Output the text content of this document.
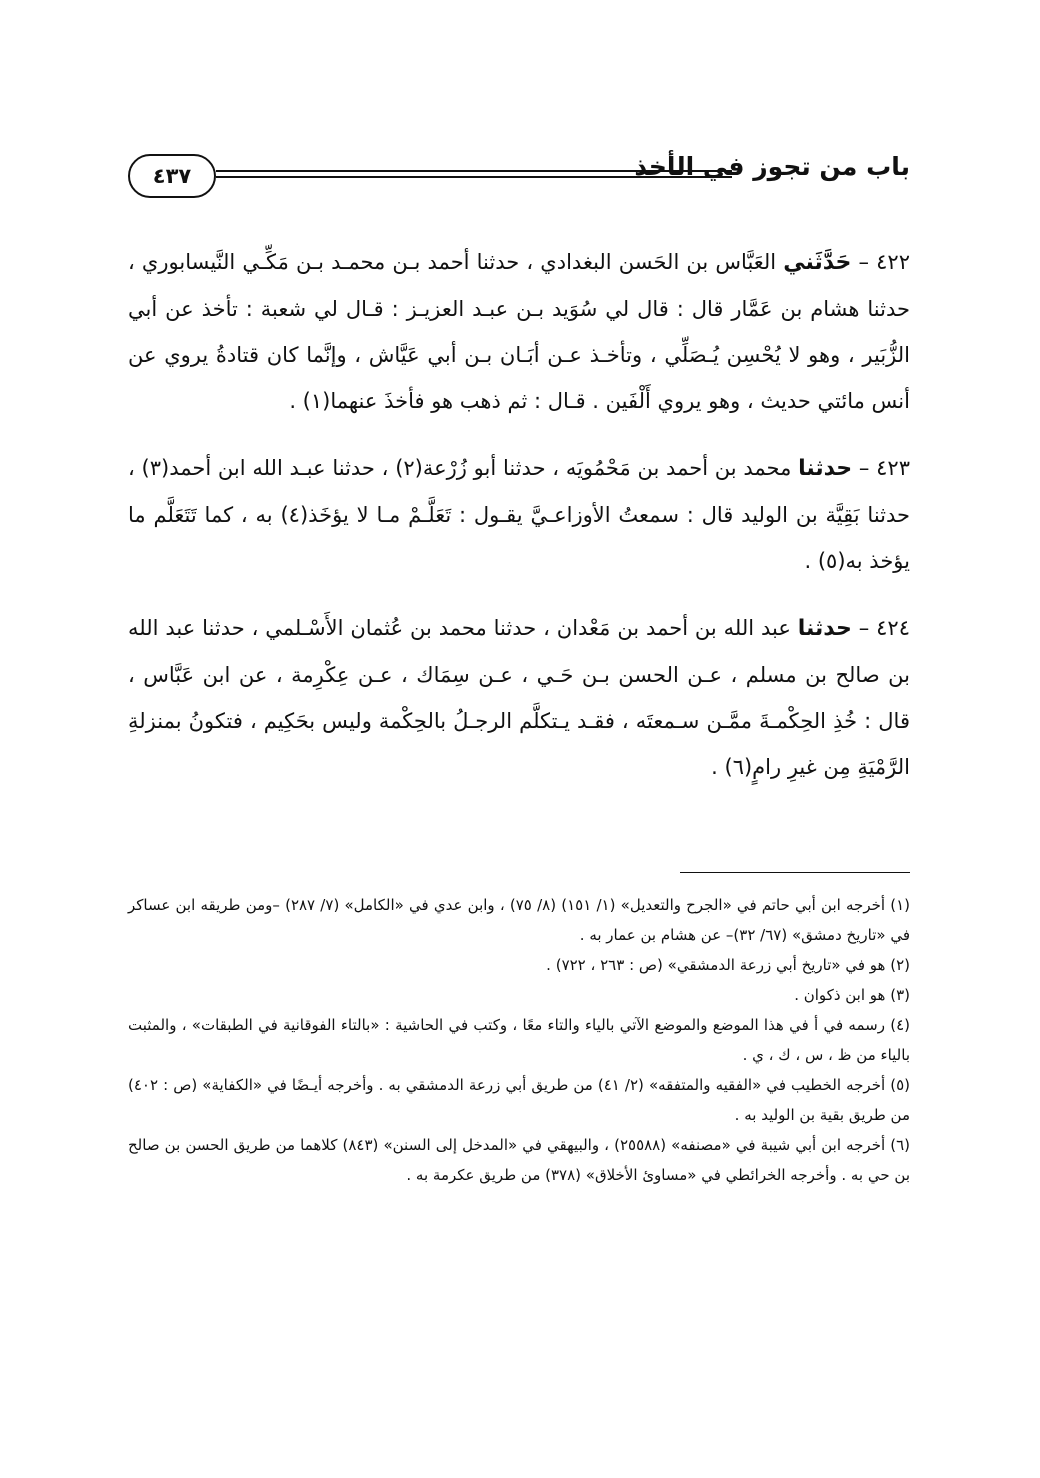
باب من تجوز في الأخذ
٤٣٧

٤٢٢ – حَدَّثَني العَبَّاس بن الحَسن البغدادي ، حدثنا أحمد بـن محمـد بـن مَكِّـي النَّيسابوري ، حدثنا هشام بن عَمَّار قال : قال لي سُوَيد بـن عبـد العزيـز : قـال لي شعبة : تأخذ عن أبي الزُّبَير ، وهو لا يُحْسِن يُـصَلِّي ، وتأخـذ عـن أبَـان بـن أبي عَيَّاش ، وإنَّما كان قتادةُ يروي عن أنس مائتي حديث ، وهو يروي أَلْفَين . قـال : ثم ذهب هو فأخذَ عنهما(١) .

٤٢٣ – حدثنا محمد بن أحمد بن مَحْمُويَه ، حدثنا أبو زُرْعة(٢) ، حدثنا عبـد الله ابن أحمد(٣) ، حدثنا بَقِيَّة بن الوليد قال : سمعتُ الأوزاعـيَّ يقـول : تَعَلَّـمْ مـا لا يؤخَذ(٤) به ، كما تَتَعَلَّم ما يؤخذ به(٥) .

٤٢٤ – حدثنا عبد الله بن أحمد بن مَعْدان ، حدثنا محمد بن عُثمان الأَسْـلمي ، حدثنا عبد الله بن صالح بن مسلم ، عـن الحسن بـن حَـي ، عـن سِمَاك ، عـن عِكْرِمة ، عن ابن عَبَّاس ، قال : خُذِ الحِكْمـةَ ممَّـن سـمعتَه ، فقـد يـتكلَّم الرجـلُ بالحِكْمة وليس بحَكِيم ، فتكونُ بمنزلةِ الرَّمْيَةِ مِن غيرِ رامٍ(٦) .

(١) أخرجه ابن أبي حاتم في «الجرح والتعديل» (١/ ١٥١) (٨/ ٧٥) ، وابن عدي في «الكامل» (٧/ ٢٨٧) –ومن طريقه ابن عساكر في «تاريخ دمشق» (٦٧/ ٣٢)– عن هشام بن عمار به .

(٢) هو في «تاريخ أبي زرعة الدمشقي» (ص : ٢٦٣ ، ٧٢٢) .

(٣) هو ابن ذكوان .

(٤) رسمه في أ في هذا الموضع والموضع الآتي بالياء والتاء معًا ، وكتب في الحاشية : «بالتاء الفوقانية في الطبقات» ، والمثبت بالياء من ظ ، س ، ك ، ي .

(٥) أخرجه الخطيب في «الفقيه والمتفقه» (٢/ ٤١) من طريق أبي زرعة الدمشقي به . وأخرجه أيـضًا في «الكفاية» (ص : ٤٠٢) من طريق بقية بن الوليد به .

(٦) أخرجه ابن أبي شيبة في «مصنفه» (٢٥٥٨٨) ، والبيهقي في «المدخل إلى السنن» (٨٤٣) كلاهما من طريق الحسن بن صالح بن حي به . وأخرجه الخرائطي في «مساوئ الأخلاق» (٣٧٨) من طريق عكرمة به .
